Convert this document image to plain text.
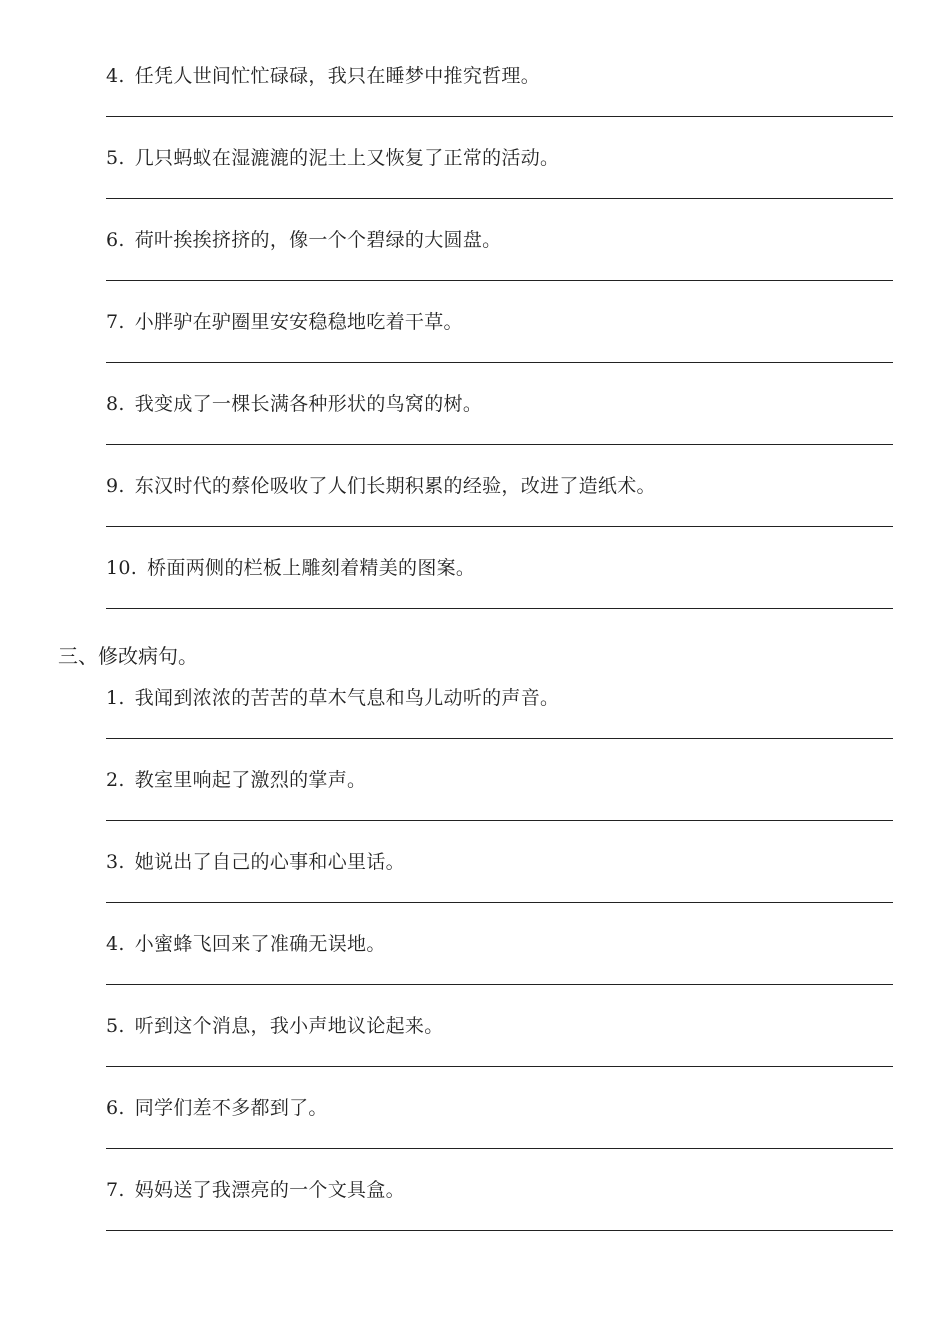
4. 任凭人世间忙忙碌碌，我只在睡梦中推究哲理。
5. 几只蚂蚁在湿漉漉的泥土上又恢复了正常的活动。
6. 荷叶挨挨挤挤的，像一个个碧绿的大圆盘。
7. 小胖驴在驴圈里安安稳稳地吃着干草。
8. 我变成了一棵长满各种形状的鸟窝的树。
9. 东汉时代的蔡伦吸收了人们长期积累的经验，改进了造纸术。
10. 桥面两侧的栏板上雕刻着精美的图案。
三、修改病句。
1. 我闻到浓浓的苦苦的草木气息和鸟儿动听的声音。
2. 教室里响起了激烈的掌声。
3. 她说出了自己的心事和心里话。
4. 小蜜蜂飞回来了准确无误地。
5. 听到这个消息，我小声地议论起来。
6. 同学们差不多都到了。
7. 妈妈送了我漂亮的一个文具盒。
